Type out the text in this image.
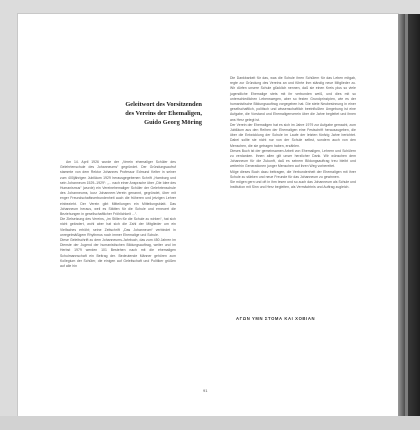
Geleitwort des Vorsitzenden
des Vereins der Ehemaligen,
Guido Georg Möring

Am 14. April 1926 wurde der „Verein ehemaliger Schüler des Gelehrtenschule des Johanneums“ gegründet. Der Gründungsaufruf stammte von dem Rektor Johannes Professor Edmund Kelter in seiner zum 400jährigen Jubiläum 1929 herausgegebenen Schrift „Hamburg und sein Johanneum 1529–1929“: „... nach einer Ansprache über „Die Idee des Humanismus“ (wurde) ein Vereinehemaliger Schüler der Gelehrtenschule des Johanneums, kurz Johanneer-Verein genannt, gegründet, über mit enger Freundschaftsverbundenheit auch die früheren und jetzigen Lehrer einbezieht. Der Verein gibt Mitteilungen ein Mitteilungsblatt. Das Johanneum heraus, weil es Stätten für die Schule und erneuert die Beziehungen in gesellschaftlicher Fröhlichkeit ...“.

Die Zielsetzung des Vereins, „im Stillen für die Schule zu wirken“, hat sich nicht geändert, wohl aber hat sich die Zahl der Mitglieder um ein Vielfaches erhöht; seine Zeitschrift „Das Johanneum“ verbindet in unregelmäßigem Rhythmus noch immer Ehemalige und Schule.

Diese Geleitschrift zu dem Johanneums-Jahrbuch, das zum 450 Jahren im Dienste der Jugend der humanistischen Bildungsauftrag, weiter und im Herbst 1979 werden 101 Bestehen nach mit die ehemaligen Schulmannschaft ein Beitrag der. Bedeutende Männer gehören zum Kollegium der Schüler, die einigen auf Geleitschaft und Politiker grüßen auf alle hin

Die Dankbarkeit für das, was die Schule ihren Schülern für das Leben mitgab, regte zur Gründung des Vereins an und führte ihm ständig neue Mitglieder zu. Wir dürfen unsere Schule glücklich nennen, daß sie einen Kreis plus so viele jugendliche Ehemalige stets mit ihr verbunden weiß, und dies mit so unterschiedlichen Lebenswegen, aber so festen Grundprinzipien, wie es der humanistische Bildungsauftrag vorgegeben hat. Die stete Neubesinnung in einer gesellschaftlich, politisch und wissenschaftlich beeinflußten Umgebung ist eine Aufgabe, die Vorstand und Ehemaligenverein über die Jahre begleitet und ihnen ans Herz gelegt ist.

Der Verein der Ehemaligen hat es sich im Jahre 1979 zur Aufgabe gemacht, zum Jubiläum aus den Reihen der Ehemaligen eine Festschrift herauszugeben, die über die Entwicklung der Schule im Laufe der letzten fünfzig Jahre berichtet. Dabei sollte sie nicht nur von der Schule selbst, sondern auch von den Menschen, die sie getragen haben, erzählen.

Dieses Buch ist der gemeinsamen Arbeit von Ehemaligen, Lehrern und Schülern zu verdanken. Ihnen allen gilt unser herzlicher Dank. Wir wünschen dem Johanneum für die Zukunft, daß es seinem Bildungsauftrag treu bleibt und weiterhin Generationen junger Menschen auf ihren Weg vorbereitet.

Möge dieses Buch dazu beitragen, die Verbundenheit der Ehemaligen mit ihrer Schule zu stärken und neue Freunde für das Johanneum zu gewinnen.

Sie mögen gern und oft in ihm lesen und so auch das Johanneum als Schule und Institution mit Sinn und Herz begleiten, als Vermächtnis und Auftrag zugleich.

ΑΓΩΝ ΥΜΝ ΣΤΟΜΑ ΚΑΙ ΧΟΒΙΑΝ
91
